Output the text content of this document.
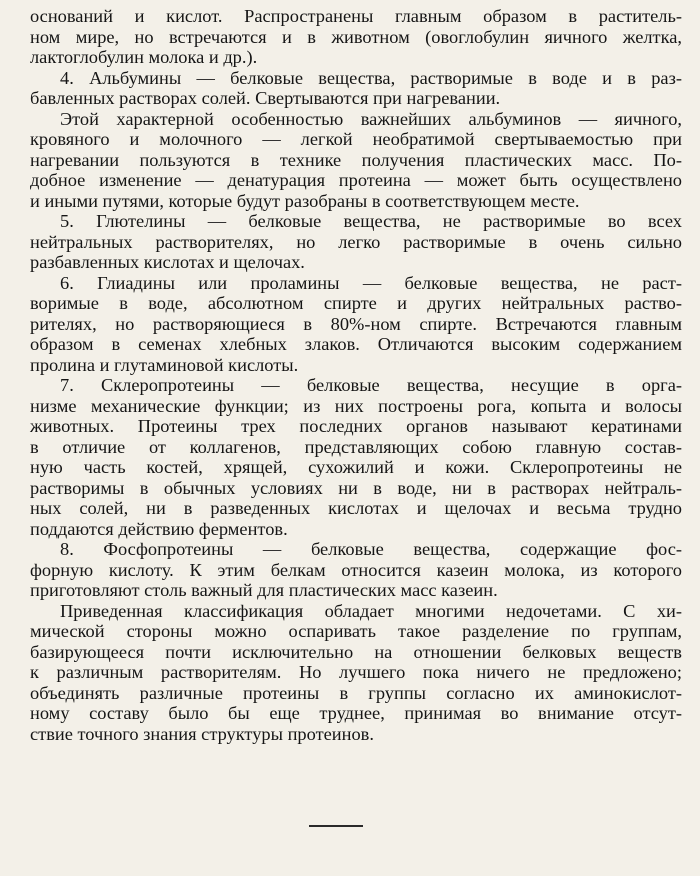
оснований и кислот. Распространены главным образом в раститель-
ном мире, но встречаются и в животном (овоглобулин яичного желтка,
лактоглобулин молока и др.).
4. Альбумины — белковые вещества, растворимые в воде и в раз-
бавленных растворах солей. Свертываются при нагревании.
Этой характерной особенностью важнейших альбуминов — яичного,
кровяного и молочного — легкой необратимой свертываемостью при
нагревании пользуются в технике получения пластических масс. По-
добное изменение — денатурация протеина — может быть осуществлено
и иными путями, которые будут разобраны в соответствующем месте.
5. Глютелины — белковые вещества, не растворимые во всех
нейтральных растворителях, но легко растворимые в очень сильно
разбавленных кислотах и щелочах.
6. Глиадины или проламины — белковые вещества, не раст-
воримые в воде, абсолютном спирте и других нейтральных раство-
рителях, но растворяющиеся в 80%-ном спирте. Встречаются главным
образом в семенах хлебных злаков. Отличаются высоким содержанием
пролина и глутаминовой кислоты.
7. Склеропротеины — белковые вещества, несущие в орга-
низме механические функции; из них построены рога, копыта и волосы
животных. Протеины трех последних органов называют кератинами
в отличие от коллагенов, представляющих собою главную состав-
ную часть костей, хрящей, сухожилий и кожи. Склеропротеины не
растворимы в обычных условиях ни в воде, ни в растворах нейтраль-
ных солей, ни в разведенных кислотах и щелочах и весьма трудно
поддаются действию ферментов.
8. Фосфопротеины — белковые вещества, содержащие фос-
форную кислоту. К этим белкам относится казеин молока, из которого
приготовляют столь важный для пластических масс казеин.
Приведенная классификация обладает многими недочетами. С хи-
мической стороны можно оспаривать такое разделение по группам,
базирующееся почти исключительно на отношении белковых веществ
к различным растворителям. Но лучшего пока ничего не предложено;
объединять различные протеины в группы согласно их аминокислот-
ному составу было бы еще труднее, принимая во внимание отсут-
ствие точного знания структуры протеинов.
